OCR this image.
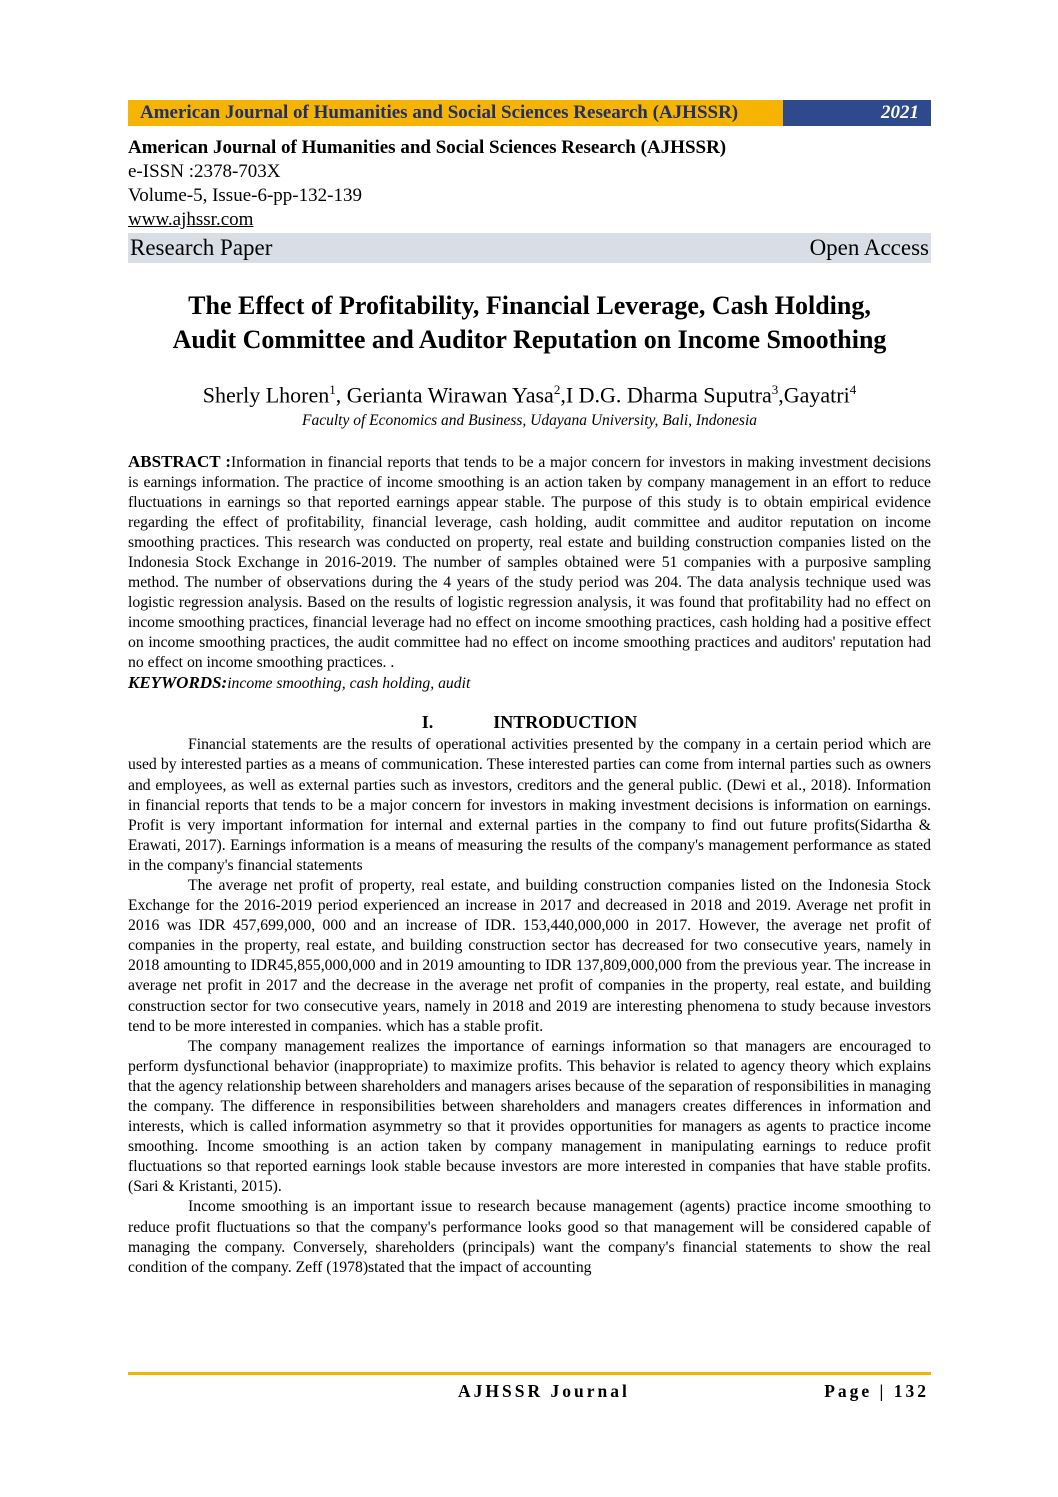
American Journal of Humanities and Social Sciences Research (AJHSSR)	2021
American Journal of Humanities and Social Sciences Research (AJHSSR)
e-ISSN :2378-703X
Volume-5, Issue-6-pp-132-139
www.ajhssr.com
Research Paper	Open Access
The Effect of Profitability, Financial Leverage, Cash Holding,
Audit Committee and Auditor Reputation on Income Smoothing
Sherly Lhoren$^1$, Gerianta Wirawan Yasa$^2$,I D.G. Dharma Suputra$^3$,Gayatri$^4$
Faculty of Economics and Business, Udayana University, Bali, Indonesia
ABSTRACT :Information in financial reports that tends to be a major concern for investors in making investment decisions is earnings information. The practice of income smoothing is an action taken by company management in an effort to reduce fluctuations in earnings so that reported earnings appear stable. The purpose of this study is to obtain empirical evidence regarding the effect of profitability, financial leverage, cash holding, audit committee and auditor reputation on income smoothing practices. This research was conducted on property, real estate and building construction companies listed on the Indonesia Stock Exchange in 2016-2019. The number of samples obtained were 51 companies with a purposive sampling method. The number of observations during the 4 years of the study period was 204. The data analysis technique used was logistic regression analysis. Based on the results of logistic regression analysis, it was found that profitability had no effect on income smoothing practices, financial leverage had no effect on income smoothing practices, cash holding had a positive effect on income smoothing practices, the audit committee had no effect on income smoothing practices and auditors' reputation had no effect on income smoothing practices. .
KEYWORDS:income smoothing, cash holding, audit
I.	INTRODUCTION

Financial statements are the results of operational activities presented by the company in a certain period which are used by interested parties as a means of communication. These interested parties can come from internal parties such as owners and employees, as well as external parties such as investors, creditors and the general public. (Dewi et al., 2018). Information in financial reports that tends to be a major concern for investors in making investment decisions is information on earnings. Profit is very important information for internal and external parties in the company to find out future profits(Sidartha & Erawati, 2017). Earnings information is a means of measuring the results of the company's management performance as stated in the company's financial statements

The average net profit of property, real estate, and building construction companies listed on the Indonesia Stock Exchange for the 2016-2019 period experienced an increase in 2017 and decreased in 2018 and 2019. Average net profit in 2016 was IDR 457,699,000, 000 and an increase of IDR. 153,440,000,000 in 2017. However, the average net profit of companies in the property, real estate, and building construction sector has decreased for two consecutive years, namely in 2018 amounting to IDR45,855,000,000 and in 2019 amounting to IDR 137,809,000,000 from the previous year. The increase in average net profit in 2017 and the decrease in the average net profit of companies in the property, real estate, and building construction sector for two consecutive years, namely in 2018 and 2019 are interesting phenomena to study because investors tend to be more interested in companies. which has a stable profit.

The company management realizes the importance of earnings information so that managers are encouraged to perform dysfunctional behavior (inappropriate) to maximize profits. This behavior is related to agency theory which explains that the agency relationship between shareholders and managers arises because of the separation of responsibilities in managing the company. The difference in responsibilities between shareholders and managers creates differences in information and interests, which is called information asymmetry so that it provides opportunities for managers as agents to practice income smoothing. Income smoothing is an action taken by company management in manipulating earnings to reduce profit fluctuations so that reported earnings look stable because investors are more interested in companies that have stable profits.(Sari & Kristanti, 2015).

Income smoothing is an important issue to research because management (agents) practice income smoothing to reduce profit fluctuations so that the company's performance looks good so that management will be considered capable of managing the company. Conversely, shareholders (principals) want the company's financial statements to show the real condition of the company. Zeff (1978)stated that the impact of accounting

AJHSSR Journal	Page | 132
